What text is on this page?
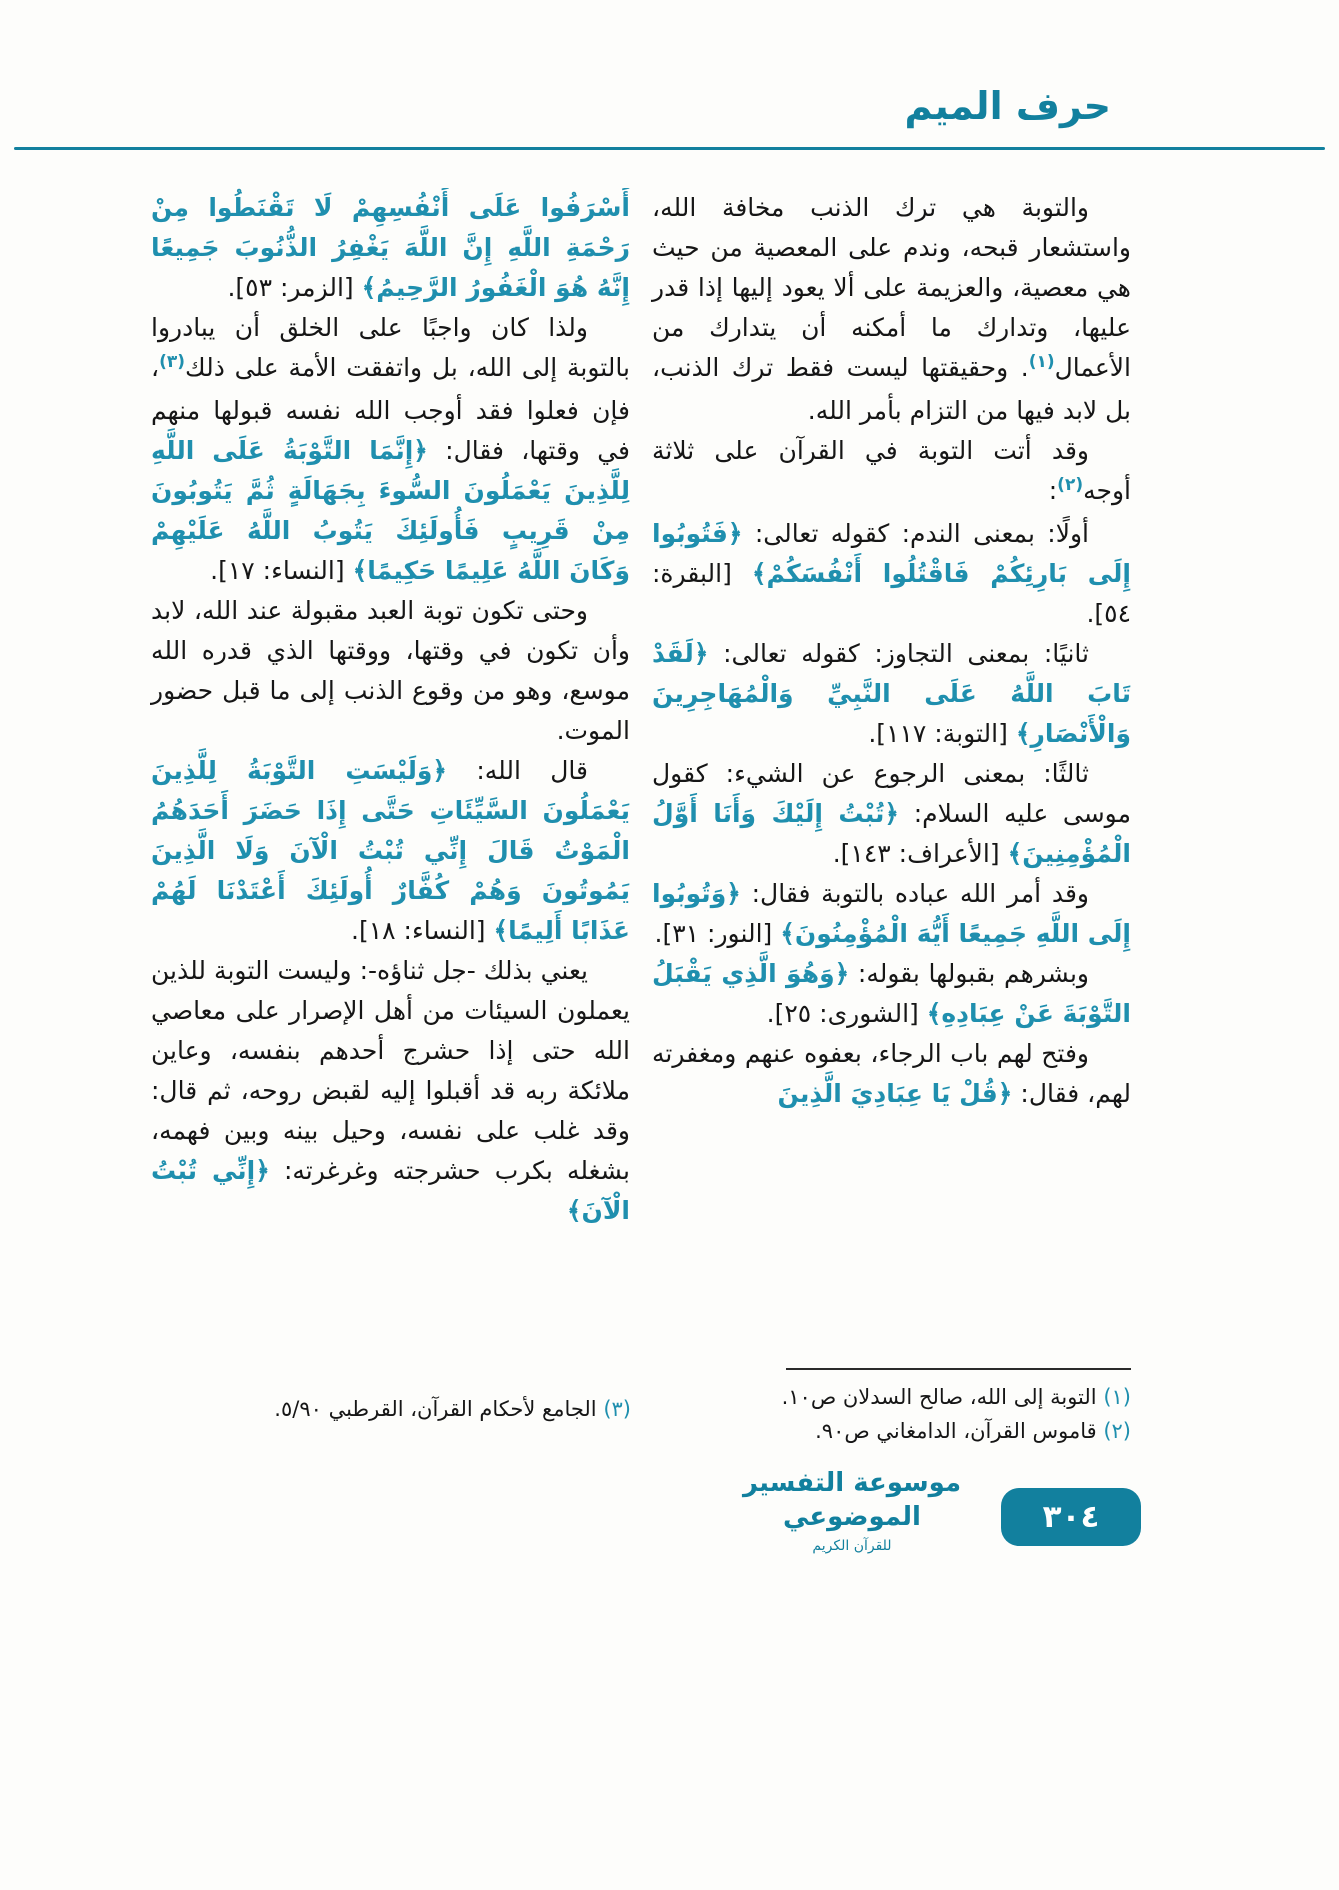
حرف الميم

والتوبة هي ترك الذنب مخافة الله، واستشعار قبحه، وندم على المعصية من حيث هي معصية، والعزيمة على ألا يعود إليها إذا قدر عليها، وتدارك ما أمكنه أن يتدارك من الأعمال$^{(١)}$. وحقيقتها ليست فقط ترك الذنب، بل لابد فيها من التزام بأمر الله.

وقد أتت التوبة في القرآن على ثلاثة أوجه$^{(٢)}$:

أولًا: بمعنى الندم: كقوله تعالى: ﴿فَتُوبُوا إِلَى بَارِئِكُمْ فَاقْتُلُوا أَنْفُسَكُمْ﴾ [البقرة: ٥٤].

ثانيًا: بمعنى التجاوز: كقوله تعالى: ﴿لَقَدْ تَابَ اللَّهُ عَلَى النَّبِيِّ وَالْمُهَاجِرِينَ وَالْأَنْصَارِ﴾ [التوبة: ١١٧].

ثالثًا: بمعنى الرجوع عن الشيء: كقول موسى عليه السلام: ﴿تُبْتُ إِلَيْكَ وَأَنَا أَوَّلُ الْمُؤْمِنِينَ﴾ [الأعراف: ١٤٣].

وقد أمر الله عباده بالتوبة فقال: ﴿وَتُوبُوا إِلَى اللَّهِ جَمِيعًا أَيُّهَ الْمُؤْمِنُونَ﴾ [النور: ٣١].

وبشرهم بقبولها بقوله: ﴿وَهُوَ الَّذِي يَقْبَلُ التَّوْبَةَ عَنْ عِبَادِهِ﴾ [الشورى: ٢٥].

وفتح لهم باب الرجاء، بعفوه عنهم ومغفرته لهم، فقال: ﴿قُلْ يَا عِبَادِيَ الَّذِينَ

أَسْرَفُوا عَلَى أَنْفُسِهِمْ لَا تَقْنَطُوا مِنْ رَحْمَةِ اللَّهِ إِنَّ اللَّهَ يَغْفِرُ الذُّنُوبَ جَمِيعًا إِنَّهُ هُوَ الْغَفُورُ الرَّحِيمُ﴾ [الزمر: ٥٣].

ولذا كان واجبًا على الخلق أن يبادروا بالتوبة إلى الله، بل واتفقت الأمة على ذلك$^{(٣)}$، فإن فعلوا فقد أوجب الله نفسه قبولها منهم في وقتها، فقال: ﴿إِنَّمَا التَّوْبَةُ عَلَى اللَّهِ لِلَّذِينَ يَعْمَلُونَ السُّوءَ بِجَهَالَةٍ ثُمَّ يَتُوبُونَ مِنْ قَرِيبٍ فَأُولَئِكَ يَتُوبُ اللَّهُ عَلَيْهِمْ وَكَانَ اللَّهُ عَلِيمًا حَكِيمًا﴾ [النساء: ١٧].

وحتى تكون توبة العبد مقبولة عند الله، لابد وأن تكون في وقتها، ووقتها الذي قدره الله موسع، وهو من وقوع الذنب إلى ما قبل حضور الموت.

قال الله: ﴿وَلَيْسَتِ التَّوْبَةُ لِلَّذِينَ يَعْمَلُونَ السَّيِّئَاتِ حَتَّى إِذَا حَضَرَ أَحَدَهُمُ الْمَوْتُ قَالَ إِنِّي تُبْتُ الْآنَ وَلَا الَّذِينَ يَمُوتُونَ وَهُمْ كُفَّارٌ أُولَئِكَ أَعْتَدْنَا لَهُمْ عَذَابًا أَلِيمًا﴾ [النساء: ١٨].

يعني بذلك -جل ثناؤه-: وليست التوبة للذين يعملون السيئات من أهل الإصرار على معاصي الله حتى إذا حشرج أحدهم بنفسه، وعاين ملائكة ربه قد أقبلوا إليه لقبض روحه، ثم قال: وقد غلب على نفسه، وحيل بينه وبين فهمه، بشغله بكرب حشرجته وغرغرته: ﴿إِنِّي تُبْتُ الْآنَ﴾

(١) التوبة إلى الله، صالح السدلان ص١٠.
(٢) قاموس القرآن، الدامغاني ص٩٠.
(٣) الجامع لأحكام القرآن، القرطبي ٥/٩٠.
موسوعة التفسير الموضوعي
للقرآن الكريم
٣٠٤
